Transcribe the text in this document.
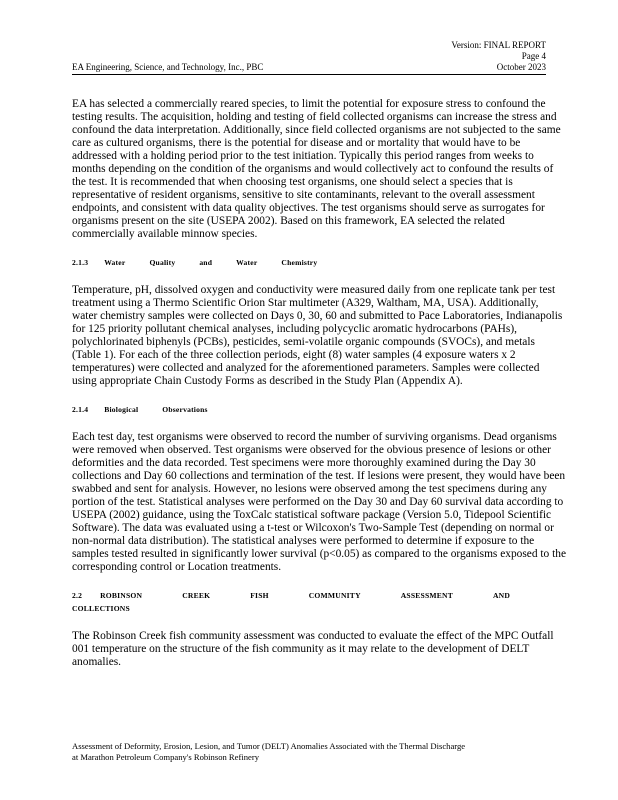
Version: FINAL REPORT
Page 4
October 2023
EA Engineering, Science, and Technology, Inc., PBC

EA has selected a commercially reared species, to limit the potential for exposure stress to confound the testing results. The acquisition, holding and testing of field collected organisms can increase the stress and confound the data interpretation. Additionally, since field collected organisms are not subjected to the same care as cultured organisms, there is the potential for disease and or mortality that would have to be addressed with a holding period prior to the test initiation. Typically this period ranges from weeks to months depending on the condition of the organisms and would collectively act to confound the results of the test. It is recommended that when choosing test organisms, one should select a species that is representative of resident organisms, sensitive to site contaminants, relevant to the overall assessment endpoints, and consistent with data quality objectives. The test organisms should serve as surrogates for organisms present on the site (USEPA 2002). Based on this framework, EA selected the related commercially available minnow species.

2.1.3 Water	Quality	and	Water	Chemistry

Temperature, pH, dissolved oxygen and conductivity were measured daily from one replicate tank per test treatment using a Thermo Scientific Orion Star multimeter (A329, Waltham, MA, USA). Additionally, water chemistry samples were collected on Days 0, 30, 60 and submitted to Pace Laboratories, Indianapolis for 125 priority pollutant chemical analyses, including polycyclic aromatic hydrocarbons (PAHs), polychlorinated biphenyls (PCBs), pesticides, semi-volatile organic compounds (SVOCs), and metals (Table 1). For each of the three collection periods, eight (8) water samples (4 exposure waters x 2 temperatures) were collected and analyzed for the aforementioned parameters. Samples were collected using appropriate Chain Custody Forms as described in the Study Plan (Appendix A).

2.1.4 Biological	Observations

Each test day, test organisms were observed to record the number of surviving organisms. Dead organisms were removed when observed. Test organisms were observed for the obvious presence of lesions or other deformities and the data recorded. Test specimens were more thoroughly examined during the Day 30 collections and Day 60 collections and termination of the test. If lesions were present, they would have been swabbed and sent for analysis. However, no lesions were observed among the test specimens during any portion of the test. Statistical analyses were performed on the Day 30 and Day 60 survival data according to USEPA (2002) guidance, using the ToxCalc statistical software package (Version 5.0, Tidepool Scientific Software). The data was evaluated using a t-test or Wilcoxon's Two-Sample Test (depending on normal or non-normal data distribution). The statistical analyses were performed to determine if exposure to the samples tested resulted in significantly lower survival (p<0.05) as compared to the organisms exposed to the corresponding control or Location treatments.

2.2 ROBINSON	CREEK	FISH	COMMUNITY	ASSESSMENT	ANDCOLLECTIONS

The Robinson Creek fish community assessment was conducted to evaluate the effect of the MPC Outfall 001 temperature on the structure of the fish community as it may relate to the development of DELT anomalies.

Assessment of Deformity, Erosion, Lesion, and Tumor (DELT) Anomalies Associated with the Thermal Discharge
at Marathon Petroleum Company's Robinson Refinery
